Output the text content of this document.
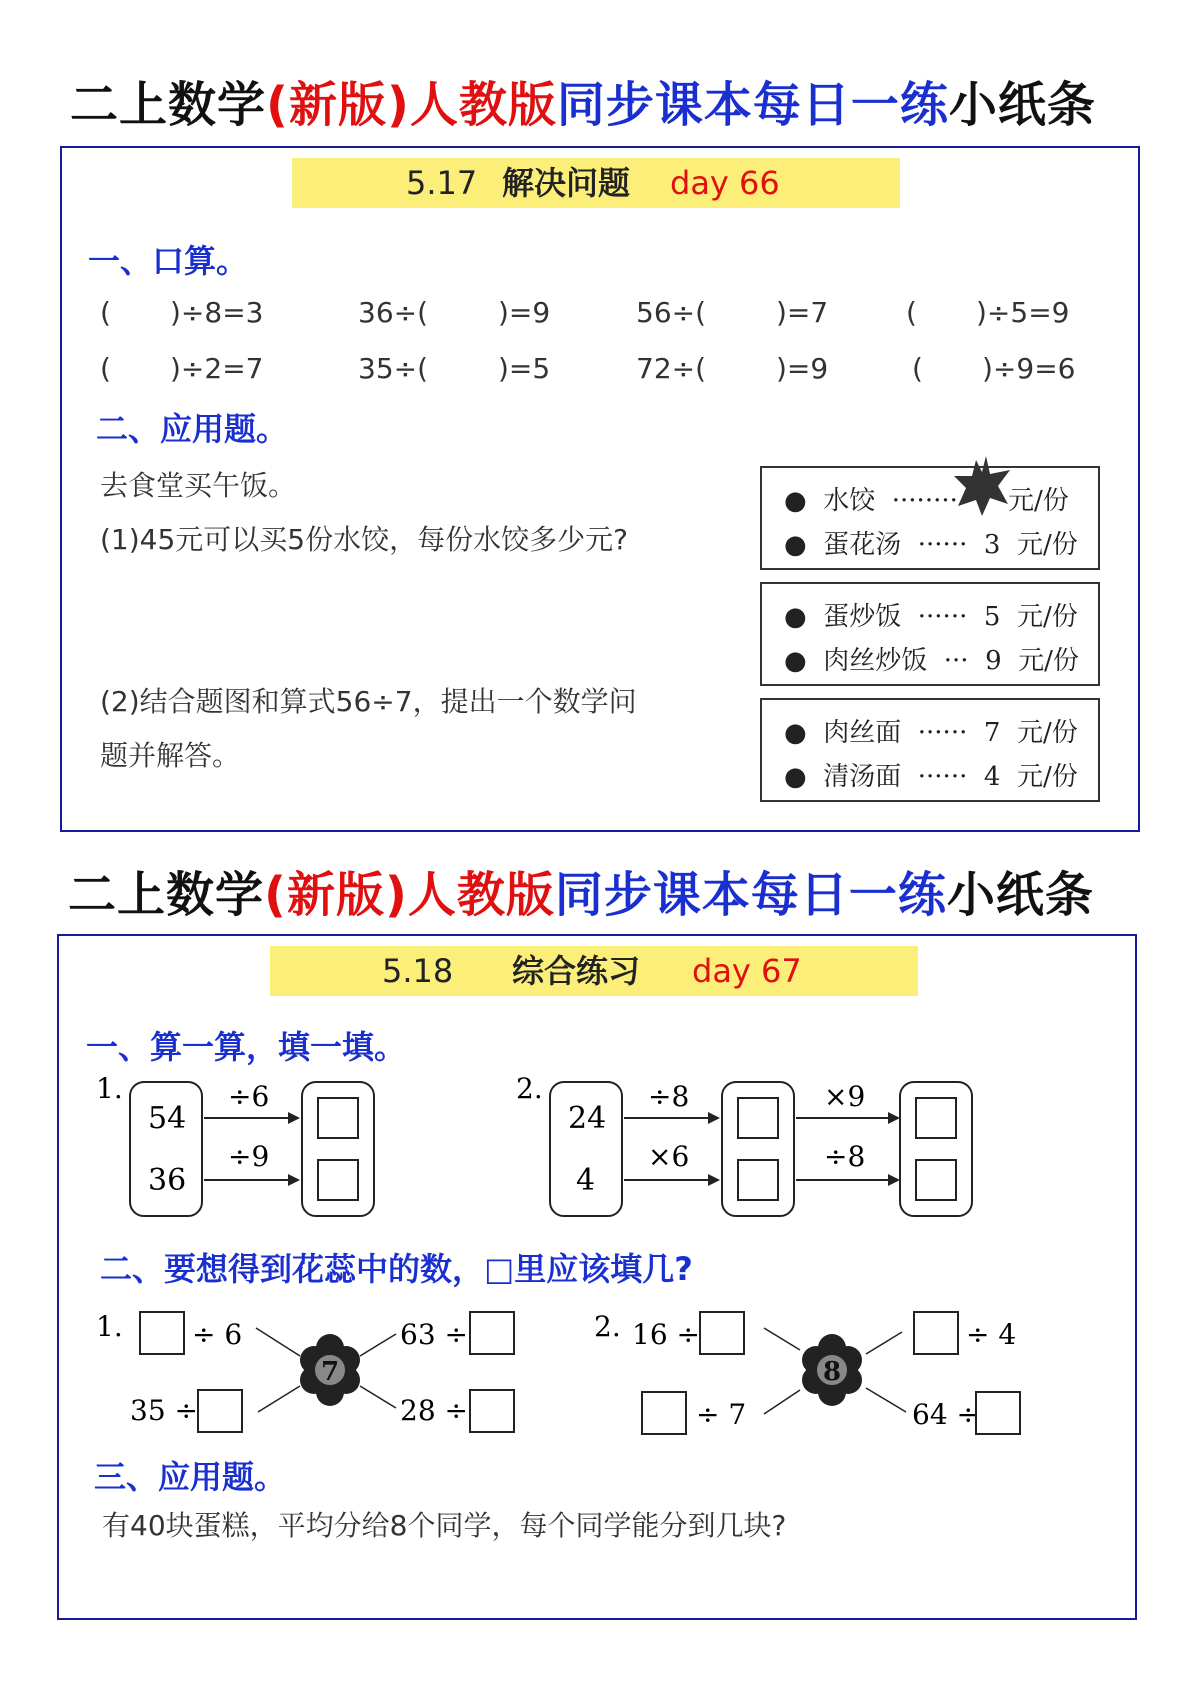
二上数学(新版)人教版同步课本每日一练小纸条
5.17 解决问题 day 66
一、口算。
( )÷8=3	36÷( )=9	56÷( )=7	( )÷5=9
( )÷2=7	35÷( )=5	72÷( )=9	( )÷9=6
二、应用题。
去食堂买午饭。
(1)45元可以买5份水饺，每份水饺多少元?
(2)结合题图和算式56÷7，提出一个数学问
题并解答。
● 水饺 ········ 元/份
● 蛋花汤 ······ 3 元/份
● 蛋炒饭 ······ 5 元/份
● 肉丝炒饭 ··· 9 元/份
● 肉丝面 ······ 7 元/份
● 清汤面 ······ 4 元/份
二上数学(新版)人教版同步课本每日一练小纸条
5.18 综合练习 day 67
一、算一算，填一填。
1.
54
36
÷6
÷9
2.
24
4
÷8
×6
×9
÷8
二、要想得到花蕊中的数，□里应该填几?
1. ÷ 6	63 ÷
35 ÷	28 ÷
7
2. 16 ÷	÷ 4
÷ 7	64 ÷
8
三、应用题。
有40块蛋糕，平均分给8个同学，每个同学能分到几块?
